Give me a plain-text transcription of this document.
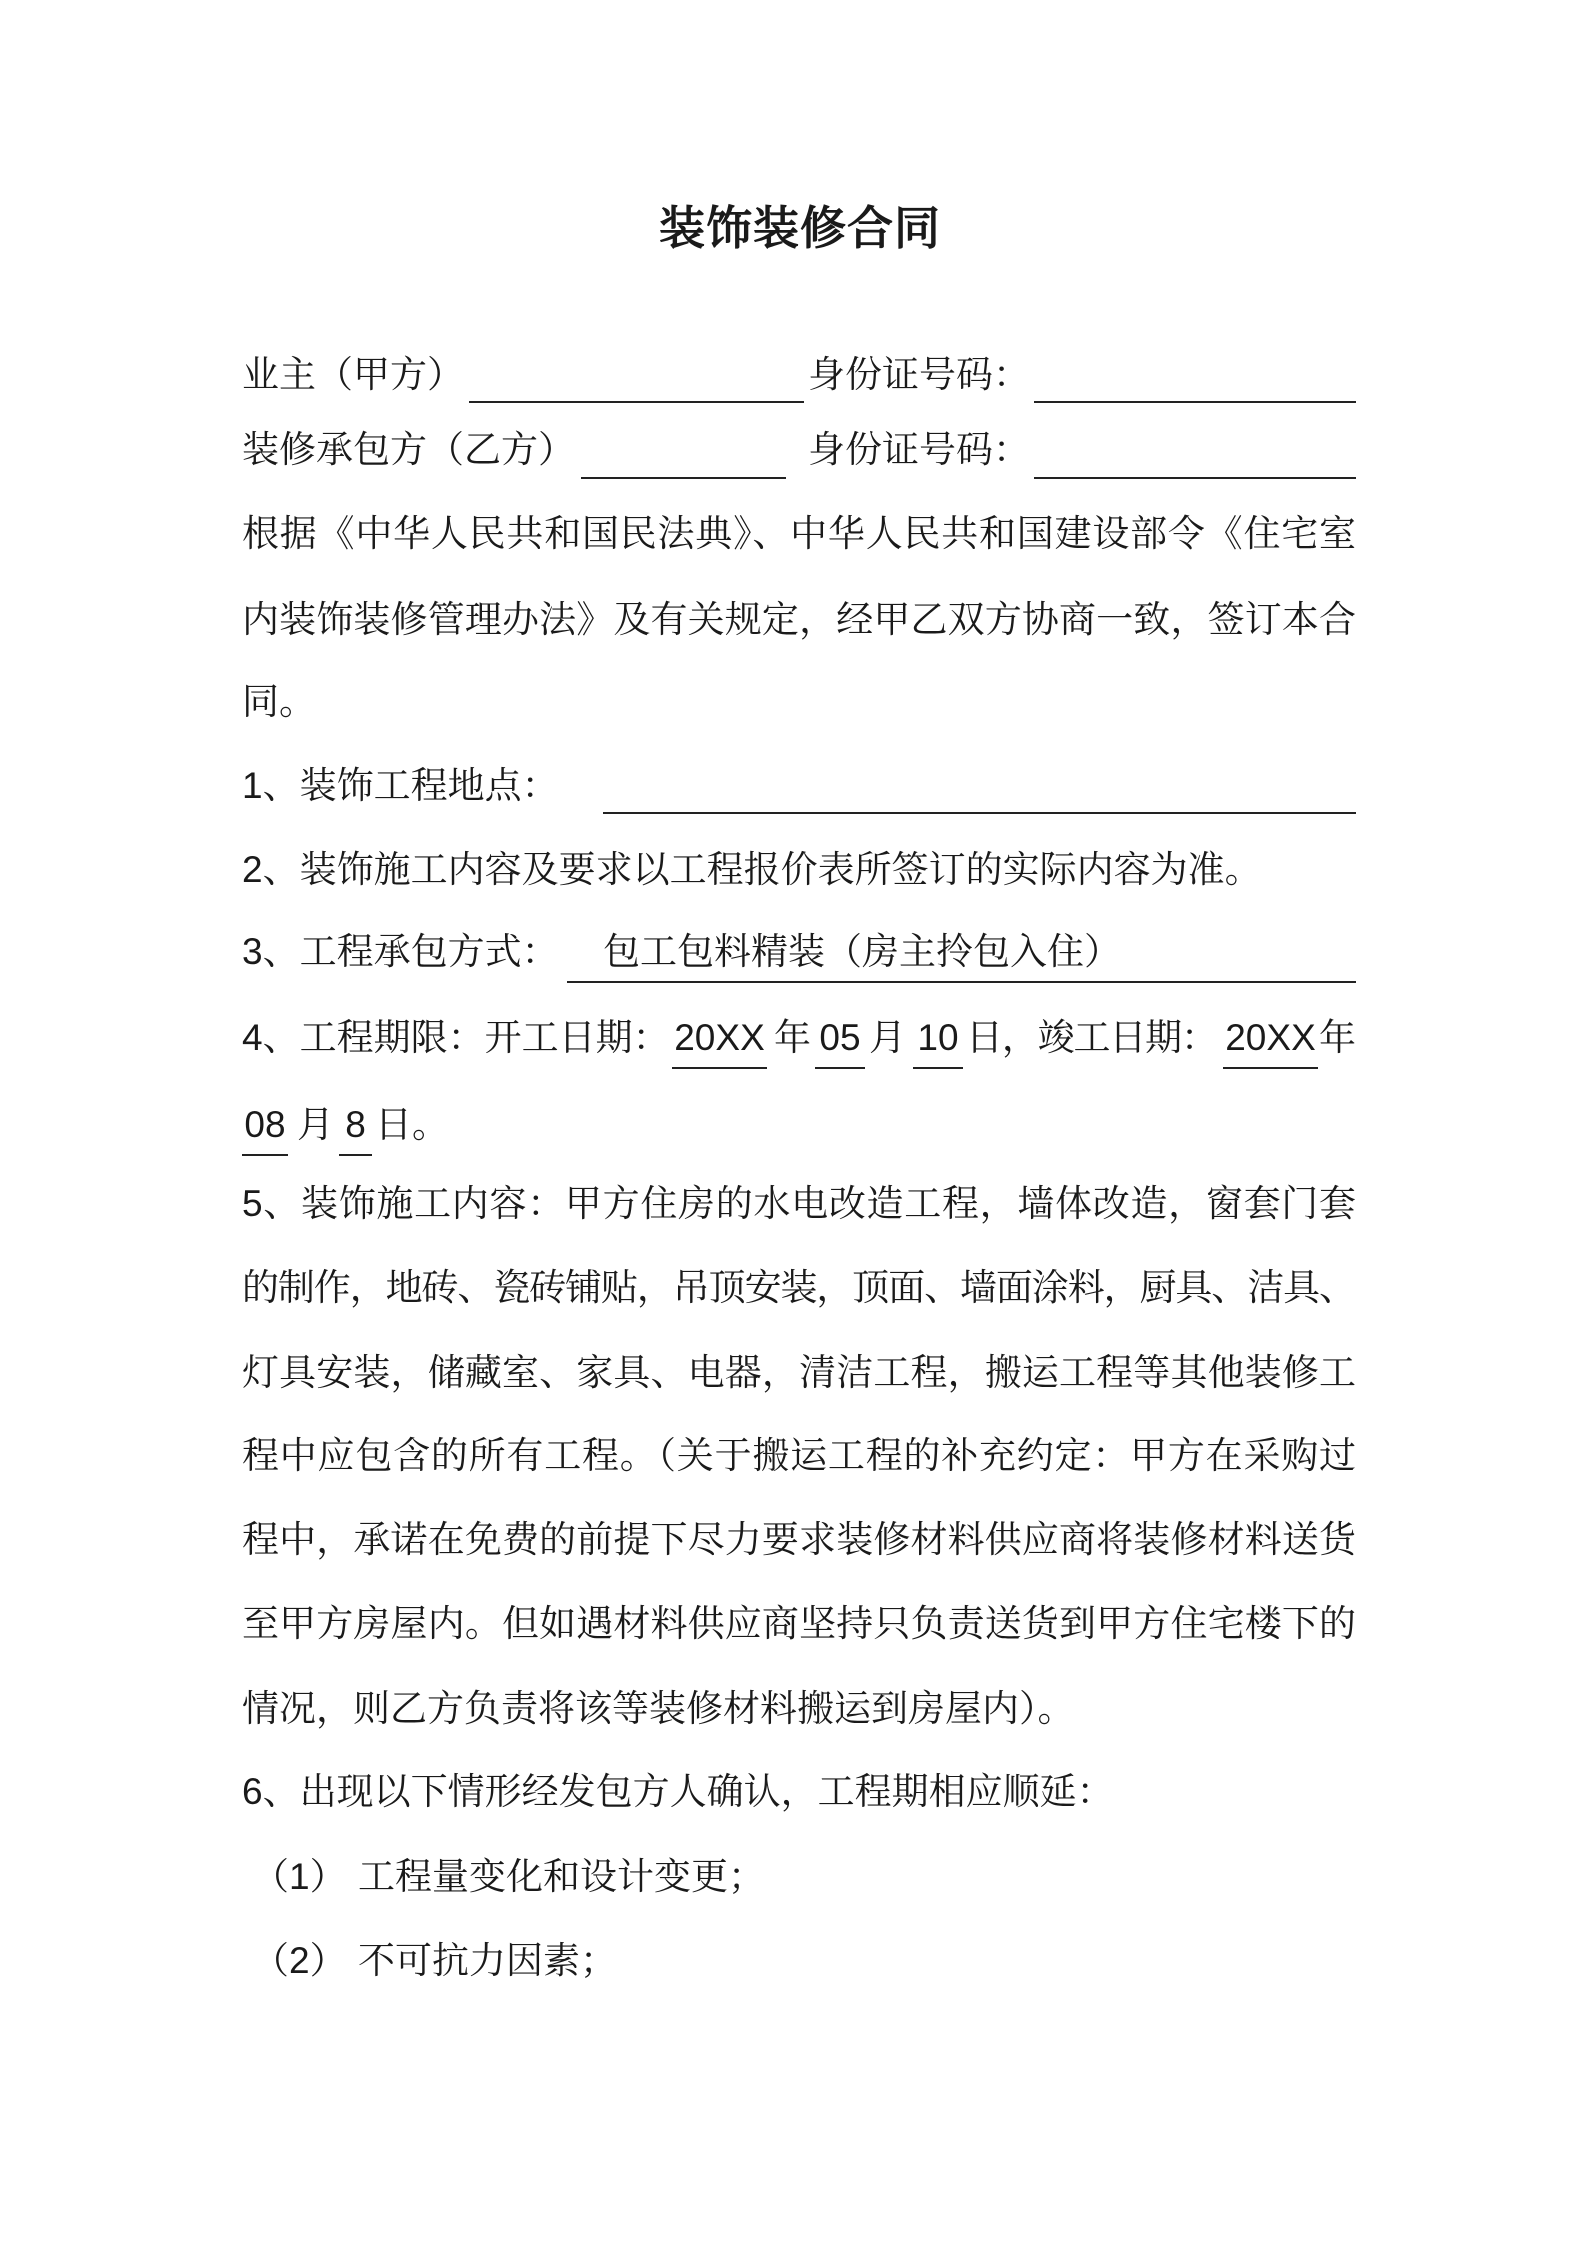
装饰装修合同
业主（甲方）	身份证号码：
装修承包方（乙方）	身份证号码：
根据《中华人民共和国民法典》、中华人民共和国建设部令《住宅室
内装饰装修管理办法》及有关规定，经甲乙双方协商一致，签订本合
同。
1、装饰工程地点：
2、装饰施工内容及要求以工程报价表所签订的实际内容为准。
3、工程承包方式： 包工包料精装（房主拎包入住）
4、工程期限：开工日期： 20XX 年 05 月 10 日，竣工日期： 20XX 年
08 月 8 日。
5、装饰施工内容：甲方住房的水电改造工程，墙体改造，窗套门套
的制作，地砖、瓷砖铺贴，吊顶安装，顶面、墙面涂料，厨具、洁具、
灯具安装，储藏室、家具、电器，清洁工程，搬运工程等其他装修工
程中应包含的所有工程。（关于搬运工程的补充约定：甲方在采购过
程中，承诺在免费的前提下尽力要求装修材料供应商将装修材料送货
至甲方房屋内。但如遇材料供应商坚持只负责送货到甲方住宅楼下的
情况，则乙方负责将该等装修材料搬运到房屋内）。
6、出现以下情形经发包方人确认，工程期相应顺延：
（1） 工程量变化和设计变更；
（2） 不可抗力因素；
